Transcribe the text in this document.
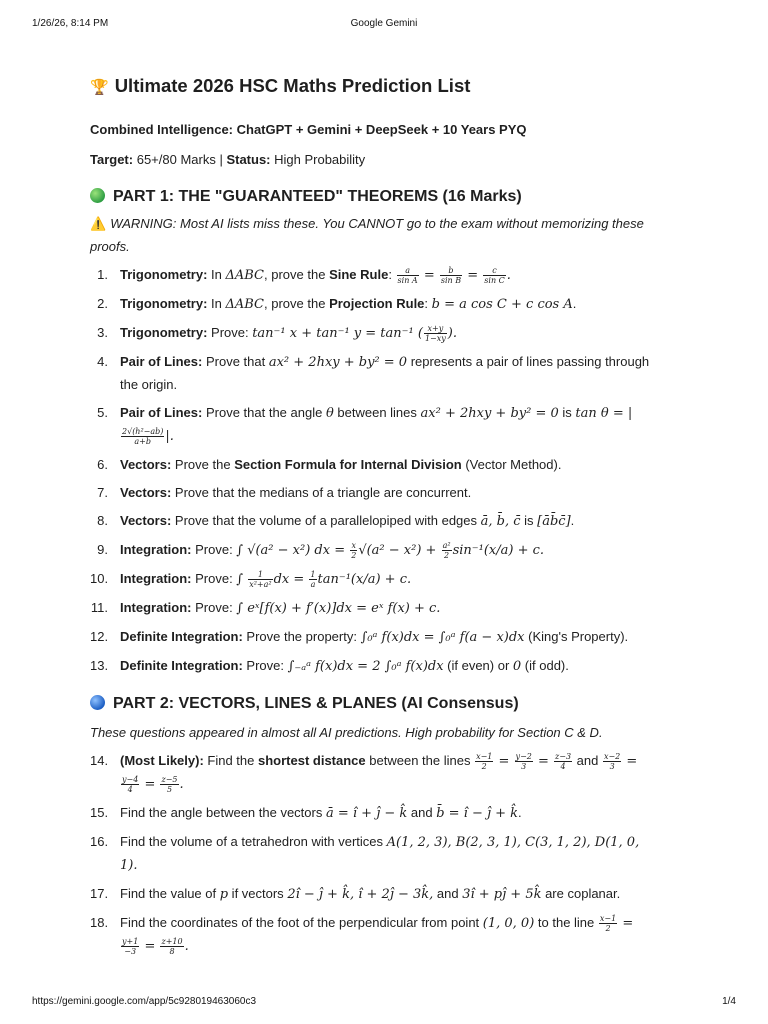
1/26/26, 8:14 PM	Google Gemini
🏆 Ultimate 2026 HSC Maths Prediction List

Combined Intelligence: ChatGPT + Gemini + DeepSeek + 10 Years PYQ

Target: 65+/80 Marks | Status: High Probability

PART 1: THE "GUARANTEED" THEOREMS (16 Marks)

⚠️ WARNING: Most AI lists miss these. You CANNOT go to the exam without memorizing these proofs.

1. Trigonometry: In ΔABC, prove the Sine Rule: $\frac{a}{\text{sin A}} = \frac{b}{\text{sin B}} = \frac{c}{\text{sin C}}$ .
2. Trigonometry: In ΔABC, prove the Projection Rule: b = a cos C + c cos A.
3. Trigonometry: Prove: tan⁻¹ x + tan⁻¹ y = tan⁻¹ ( $\frac{x+y}{1-xy}$ ).
4. Pair of Lines: Prove that ax² + 2hxy + by² = 0 represents a pair of lines passing through the origin.
5. Pair of Lines: Prove that the angle θ between lines ax² + 2hxy + by² = 0 is tan θ = |
$\frac{\text{2√(h²−ab)}}{a+b}$ |.
6. Vectors: Prove the Section Formula for Internal Division (Vector Method).
7. Vectors: Prove that the medians of a triangle are concurrent.
8. Vectors: Prove that the volume of a parallelopiped with edges ā, b̄, c̄ is [āb̄c̄].
9. Integration: Prove: ∫ √(a² − x²) dx = $\frac{x}{2} √(a^2 - x^2) + \frac{\text{a²}}{2} \sin^{-1}(x/a) + c$.
10. Integration: Prove: ∫ $\frac{1}{\text{x²+a²}}$ dx = $\frac{1}{a} \tan^{-1}(x/a) + c$.
11. Integration: Prove: ∫ eˣ[f(x) + f′(x)]dx = eˣ f(x) + c.
12. Definite Integration: Prove the property: ∫₀ᵃ f(x)dx = ∫₀ᵃ f(a − x)dx (King's Property).
13. Definite Integration: Prove: ∫₋ₐᵃ f(x)dx = 2 ∫₀ᵃ f(x)dx (if even) or 0 (if odd).
PART 2: VECTORS, LINES & PLANES (AI Consensus)

These questions appeared in almost all AI predictions. High probability for Section C & D.

14. (Most Likely): Find the shortest distance between the lines $\frac{x-1}{2} = \frac{y-2}{3} = \frac{z-3}{4}$ and $\frac{x-2}{3}$ =
$\frac{y-4}{4} = \frac{z-5}{5}$ .
15. Find the angle between the vectors ā = î + ĵ − k̂ and b̄ = î − ĵ + k̂.
16. Find the volume of a tetrahedron with vertices A(1, 2, 3), B(2, 3, 1), C(3, 1, 2), D(1, 0, 1).
17. Find the value of p if vectors 2î − ĵ + k̂, î + 2ĵ − 3k̂, and 3î + pĵ + 5k̂ are coplanar.
18. Find the coordinates of the foot of the perpendicular from point (1, 0, 0) to the line $\frac{x-1}{2}$ =
$\frac{y+1}{-3} = \frac{z+10}{8}$ .
https://gemini.google.com/app/5c928019463060c3	1/4
